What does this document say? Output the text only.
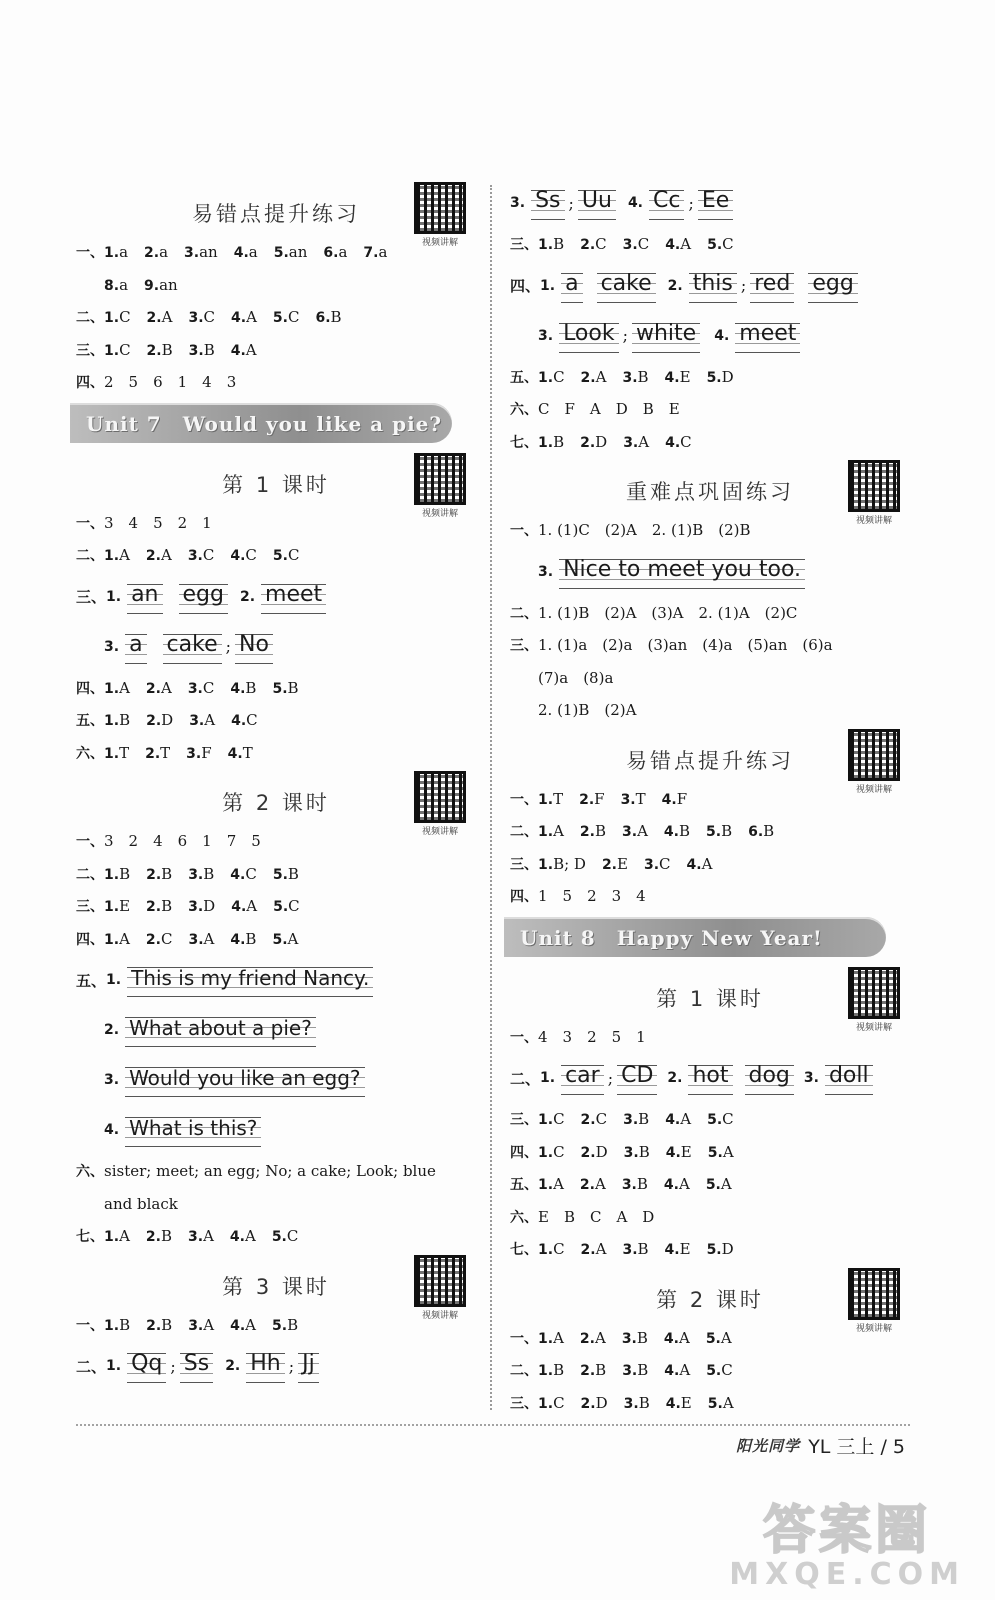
易错点提升练习
视频讲解
一、1.a 2.a 3.an 4.a 5.an 6.a 7.a
8.a 9.an
二、1.C 2.A 3.C 4.A 5.C 6.B
三、1.C 2.B 3.B 4.A
四、2　5　6　1　4　3
Unit 7　Would you like a pie?
第 1 课时
视频讲解
一、3　4　5　2　1
二、1.A 2.A 3.C 4.C 5.C
三、 1. an egg 2. meet
3. a cake ; No
四、1.A 2.A 3.C 4.B 5.B
五、1.B 2.D 3.A 4.C
六、1.T 2.T 3.F 4.T
第 2 课时
视频讲解
一、3　2　4　6　1　7　5
二、1.B 2.B 3.B 4.C 5.B
三、1.E 2.B 3.D 4.A 5.C
四、1.A 2.C 3.A 4.B 5.A
五、 1. This is my friend Nancy.
2. What about a pie?
3. Would you like an egg?
4. What is this?
六、sister; meet; an egg; No; a cake; Look; blue
and black
七、1.A 2.B 3.A 4.A 5.C
第 3 课时
视频讲解
一、1.B 2.B 3.A 4.A 5.B
二、 1. Qq ; Ss 2. Hh ; Jj
3. Ss ; Uu 4. Cc ; Ee
三、1.B 2.C 3.C 4.A 5.C
四、 1. a cake 2. this ; red egg
3. Look ; white 4. meet
五、1.C 2.A 3.B 4.E 5.D
六、C　F　A　D　B　E
七、1.B 2.D 3.A 4.C
重难点巩固练习
视频讲解
一、1. (1)C　(2)A　2. (1)B　(2)B
3. Nice to meet you too.
二、1. (1)B　(2)A　(3)A　2. (1)A　(2)C
三、1. (1)a　(2)a　(3)an　(4)a　(5)an　(6)a
(7)a　(8)a
2. (1)B　(2)A
易错点提升练习
视频讲解
一、1.T 2.F 3.T 4.F
二、1.A 2.B 3.A 4.B 5.B 6.B
三、1.B; D 2.E 3.C 4.A
四、1　5　2　3　4
Unit 8　Happy New Year!
第 1 课时
视频讲解
一、4　3　2　5　1
二、 1. car ; CD 2. hot dog 3. doll
三、1.C 2.C 3.B 4.A 5.C
四、1.C 2.D 3.B 4.E 5.A
五、1.A 2.A 3.B 4.A 5.A
六、E　B　C　A　D
七、1.C 2.A 3.B 4.E 5.D
第 2 课时
视频讲解
一、1.A 2.A 3.B 4.A 5.A
二、1.B 2.B 3.B 4.A 5.C
三、1.C 2.D 3.B 4.E 5.A
阳光同学 YL 三上 / 5
答案圈
MXQE.COM
